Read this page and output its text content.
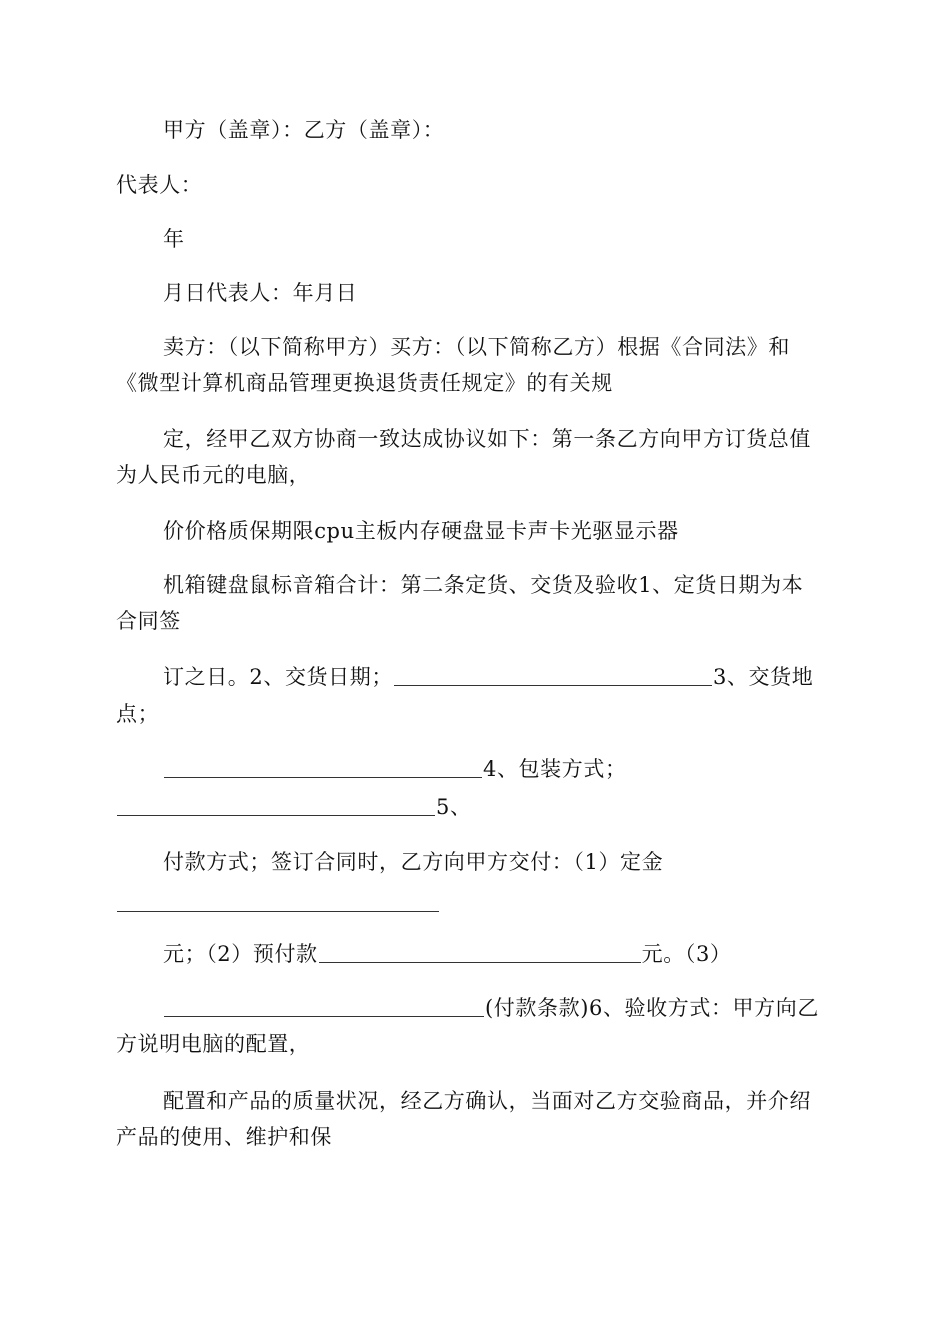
甲方（盖章）：乙方（盖章）：
代表人：
年
月日代表人：年月日
卖方：（以下简称甲方）买方：（以下简称乙方）根据《合同法》和
《微型计算机商品管理更换退货责任规定》的有关规
定，经甲乙双方协商一致达成协议如下：第一条乙方向甲方订货总值
为人民币元的电脑，
价价格质保期限cpu主板内存硬盘显卡声卡光驱显示器
机箱键盘鼠标音箱合计：第二条定货、交货及验收1、定货日期为本
合同签
订之日。2、交货日期；	3、交货地
点；
4、包装方式；
5、
付款方式；签订合同时，乙方向甲方交付：（1）定金
元；（2）预付款	元。（3）
(付款条款)6、验收方式：甲方向乙
方说明电脑的配置，
配置和产品的质量状况，经乙方确认，当面对乙方交验商品，并介绍
产品的使用、维护和保
